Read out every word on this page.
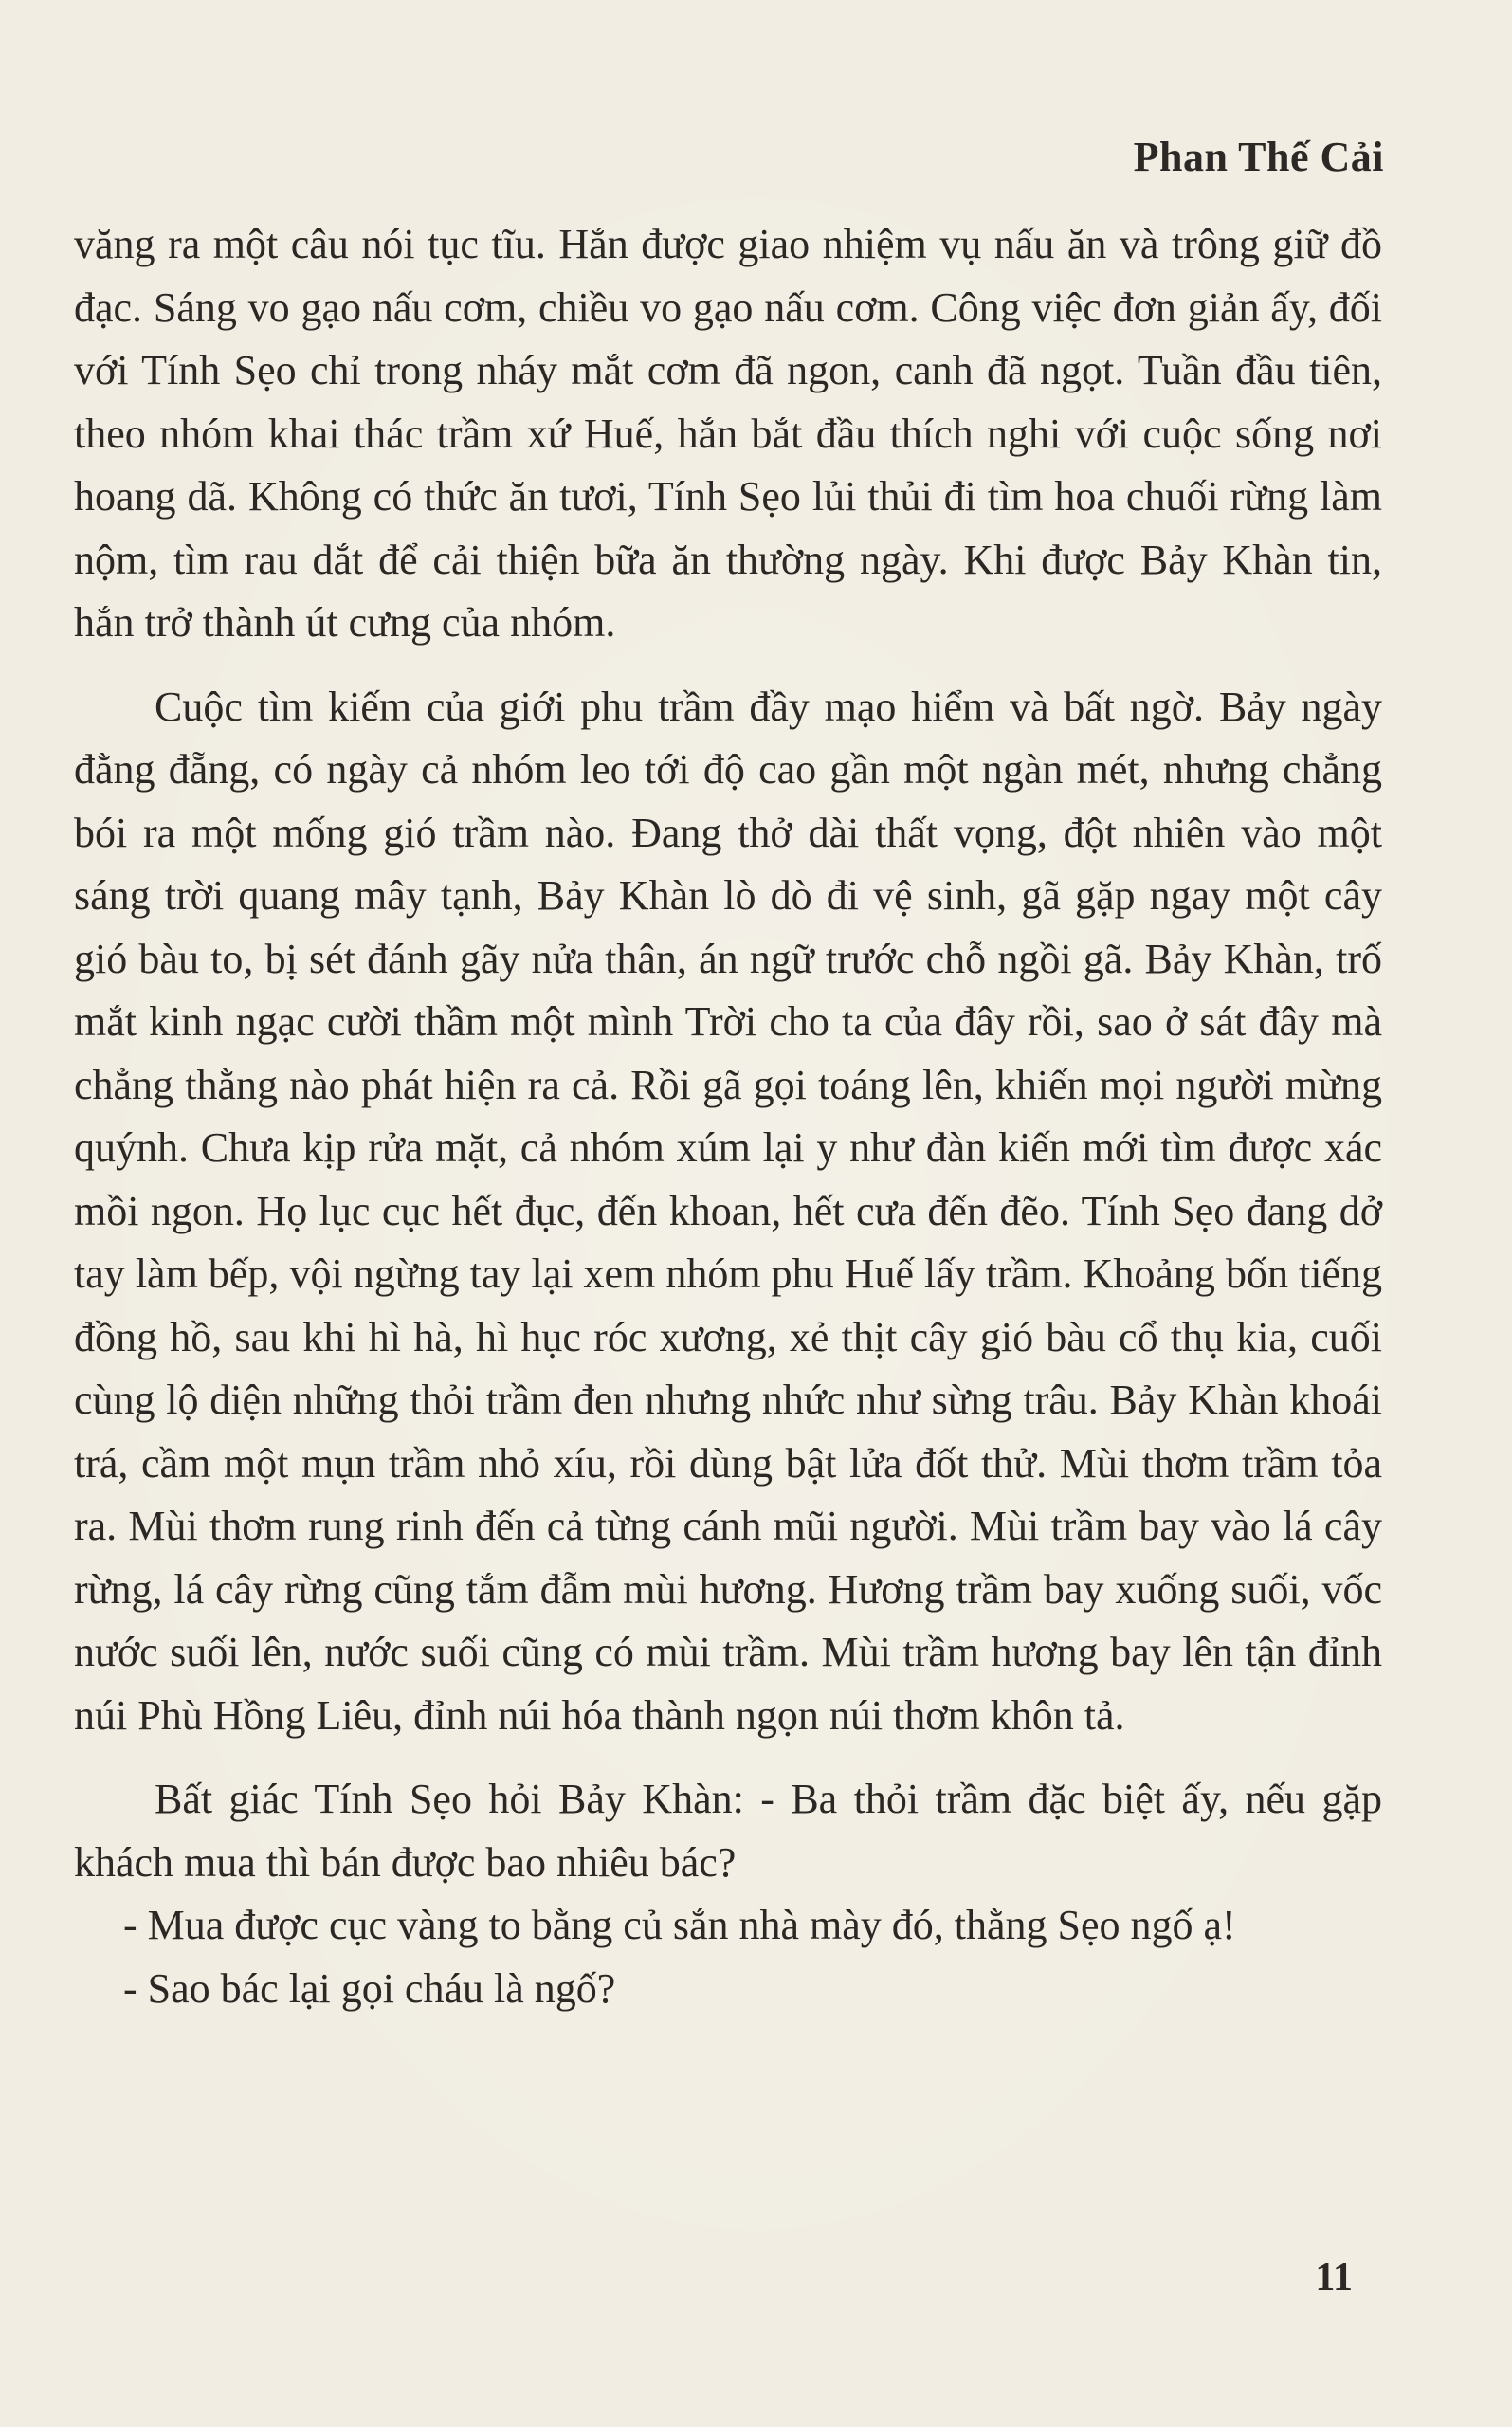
Phan Thế Cải

văng ra một câu nói tục tĩu. Hắn được giao nhiệm vụ nấu ăn và trông giữ đồ đạc. Sáng vo gạo nấu cơm, chiều vo gạo nấu cơm. Công việc đơn giản ấy, đối với Tính Sẹo chỉ trong nháy mắt cơm đã ngon, canh đã ngọt. Tuần đầu tiên, theo nhóm khai thác trầm xứ Huế, hắn bắt đầu thích nghi với cuộc sống nơi hoang dã. Không có thức ăn tươi, Tính Sẹo lủi thủi đi tìm hoa chuối rừng làm nộm, tìm rau dắt để cải thiện bữa ăn thường ngày. Khi được Bảy Khàn tin, hắn trở thành út cưng của nhóm.

Cuộc tìm kiếm của giới phu trầm đầy mạo hiểm và bất ngờ. Bảy ngày đằng đẵng, có ngày cả nhóm leo tới độ cao gần một ngàn mét, nhưng chẳng bói ra một mống gió trầm nào. Đang thở dài thất vọng, đột nhiên vào một sáng trời quang mây tạnh, Bảy Khàn lò dò đi vệ sinh, gã gặp ngay một cây gió bàu to, bị sét đánh gãy nửa thân, án ngữ trước chỗ ngồi gã. Bảy Khàn, trố mắt kinh ngạc cười thầm một mình Trời cho ta của đây rồi, sao ở sát đây mà chẳng thằng nào phát hiện ra cả. Rồi gã gọi toáng lên, khiến mọi người mừng quýnh. Chưa kịp rửa mặt, cả nhóm xúm lại y như đàn kiến mới tìm được xác mồi ngon. Họ lục cục hết đục, đến khoan, hết cưa đến đẽo. Tính Sẹo đang dở tay làm bếp, vội ngừng tay lại xem nhóm phu Huế lấy trầm. Khoảng bốn tiếng đồng hồ, sau khi hì hà, hì hục róc xương, xẻ thịt cây gió bàu cổ thụ kia, cuối cùng lộ diện những thỏi trầm đen nhưng nhức như sừng trâu. Bảy Khàn khoái trá, cầm một mụn trầm nhỏ xíu, rồi dùng bật lửa đốt thử. Mùi thơm trầm tỏa ra. Mùi thơm rung rinh đến cả từng cánh mũi người. Mùi trầm bay vào lá cây rừng, lá cây rừng cũng tắm đẫm mùi hương. Hương trầm bay xuống suối, vốc nước suối lên, nước suối cũng có mùi trầm. Mùi trầm hương bay lên tận đỉnh núi Phù Hồng Liêu, đỉnh núi hóa thành ngọn núi thơm khôn tả.

Bất giác Tính Sẹo hỏi Bảy Khàn: - Ba thỏi trầm đặc biệt ấy, nếu gặp khách mua thì bán được bao nhiêu bác?

- Mua được cục vàng to bằng củ sắn nhà mày đó, thằng Sẹo ngố ạ!

- Sao bác lại gọi cháu là ngố?

11
